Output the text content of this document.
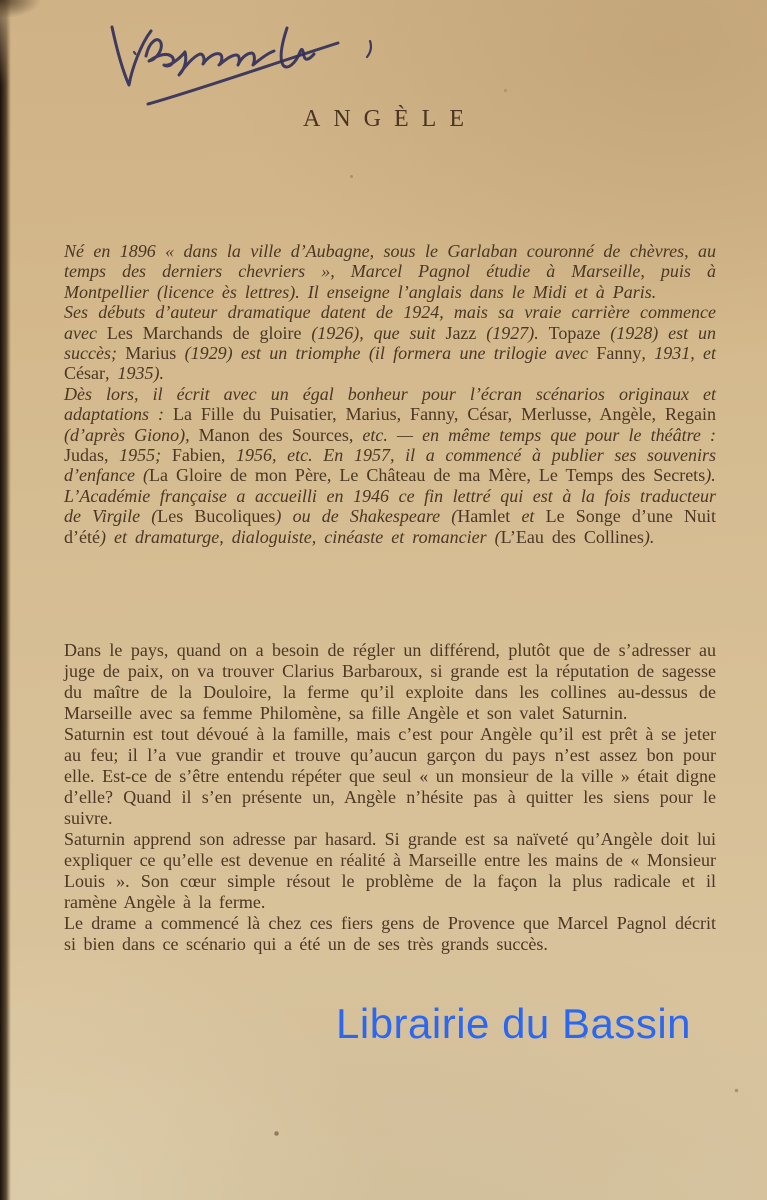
ANGÈLE

Né en 1896 « dans la ville d’Aubagne, sous le Garlaban couronné de chèvres, au temps des derniers chevriers », Marcel Pagnol étudie à Marseille, puis à Montpellier (licence ès lettres). Il enseigne l’anglais dans le Midi et à Paris.

Ses débuts d’auteur dramatique datent de 1924, mais sa vraie carrière commence avec Les Marchands de gloire (1926), que suit Jazz (1927). Topaze (1928) est un succès; Marius (1929) est un triomphe (il formera une trilogie avec Fanny, 1931, et César, 1935).

Dès lors, il écrit avec un égal bonheur pour l’écran scénarios originaux et adaptations : La Fille du Puisatier, Marius, Fanny, César, Merlusse, Angèle, Regain (d’après Giono), Manon des Sources, etc. — en même temps que pour le théâtre : Judas, 1955; Fabien, 1956, etc. En 1957, il a commencé à publier ses souvenirs d’enfance (La Gloire de mon Père, Le Château de ma Mère, Le Temps des Secrets).

L’Académie française a accueilli en 1946 ce fin lettré qui est à la fois traducteur de Virgile (Les Bucoliques) ou de Shakespeare (Hamlet et Le Songe d’une Nuit d’été) et dramaturge, dialoguiste, cinéaste et romancier (L’Eau des Collines).

Dans le pays, quand on a besoin de régler un différend, plutôt que de s’adresser au juge de paix, on va trouver Clarius Barbaroux, si grande est la réputation de sagesse du maître de la Douloire, la ferme qu’il exploite dans les collines au-dessus de Marseille avec sa femme Philomène, sa fille Angèle et son valet Saturnin.

Saturnin est tout dévoué à la famille, mais c’est pour Angèle qu’il est prêt à se jeter au feu; il l’a vue grandir et trouve qu’aucun garçon du pays n’est assez bon pour elle. Est-ce de s’être entendu répéter que seul « un monsieur de la ville » était digne d’elle? Quand il s’en présente un, Angèle n’hésite pas à quitter les siens pour le suivre.

Saturnin apprend son adresse par hasard. Si grande est sa naïveté qu’Angèle doit lui expliquer ce qu’elle est devenue en réalité à Marseille entre les mains de « Monsieur Louis ». Son cœur simple résout le problème de la façon la plus radicale et il ramène Angèle à la ferme.

Le drame a commencé là chez ces fiers gens de Provence que Marcel Pagnol décrit si bien dans ce scénario qui a été un de ses très grands succès.

Librairie du Bassin
